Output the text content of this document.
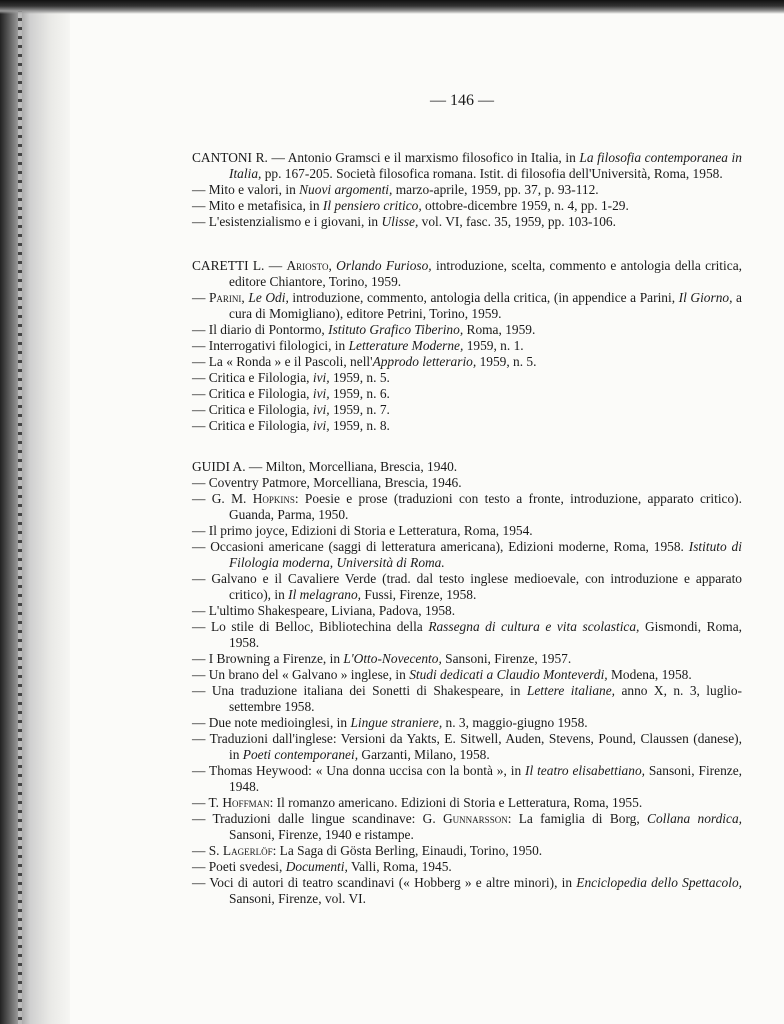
— 146 —
CANTONI R. — Antonio Gramsci e il marxismo filosofico in Italia, in La filosofia contemporanea in Italia, pp. 167-205. Società filosofica romana. Istit. di filosofia dell'Università, Roma, 1958.
— Mito e valori, in Nuovi argomenti, marzo-aprile, 1959, pp. 37, p. 93-112.
— Mito e metafisica, in Il pensiero critico, ottobre-dicembre 1959, n. 4, pp. 1-29.
— L'esistenzialismo e i giovani, in Ulisse, vol. VI, fasc. 35, 1959, pp. 103-106.
CARETTI L. — Ariosto, Orlando Furioso, introduzione, scelta, commento e antologia della critica, editore Chiantore, Torino, 1959.
— Parini, Le Odi, introduzione, commento, antologia della critica, (in appendice a Parini, Il Giorno, a cura di Momigliano), editore Petrini, Torino, 1959.
— Il diario di Pontormo, Istituto Grafico Tiberino, Roma, 1959.
— Interrogativi filologici, in Letterature Moderne, 1959, n. 1.
— La « Ronda » e il Pascoli, nell'Approdo letterario, 1959, n. 5.
— Critica e Filologia, ivi, 1959, n. 5.
— Critica e Filologia, ivi, 1959, n. 6.
— Critica e Filologia, ivi, 1959, n. 7.
— Critica e Filologia, ivi, 1959, n. 8.
GUIDI A. — Milton, Morcelliana, Brescia, 1940.
— Coventry Patmore, Morcelliana, Brescia, 1946.
— G. M. Hopkins: Poesie e prose (traduzioni con testo a fronte, introduzione, apparato critico). Guanda, Parma, 1950.
— Il primo joyce, Edizioni di Storia e Letteratura, Roma, 1954.
— Occasioni americane (saggi di letteratura americana), Edizioni moderne, Roma, 1958. Istituto di Filologia moderna, Università di Roma.
— Galvano e il Cavaliere Verde (trad. dal testo inglese medioevale, con introduzione e apparato critico), in Il melagrano, Fussi, Firenze, 1958.
— L'ultimo Shakespeare, Liviana, Padova, 1958.
— Lo stile di Belloc, Bibliotechina della Rassegna di cultura e vita scolastica, Gismondi, Roma, 1958.
— I Browning a Firenze, in L'Otto-Novecento, Sansoni, Firenze, 1957.
— Un brano del « Galvano » inglese, in Studi dedicati a Claudio Monteverdi, Modena, 1958.
— Una traduzione italiana dei Sonetti di Shakespeare, in Lettere italiane, anno X, n. 3, luglio-settembre 1958.
— Due note medioinglesi, in Lingue straniere, n. 3, maggio-giugno 1958.
— Traduzioni dall'inglese: Versioni da Yakts, E. Sitwell, Auden, Stevens, Pound, Claussen (danese), in Poeti contemporanei, Garzanti, Milano, 1958.
— Thomas Heywood: « Una donna uccisa con la bontà », in Il teatro elisabettiano, Sansoni, Firenze, 1948.
— T. Hoffman: Il romanzo americano. Edizioni di Storia e Letteratura, Roma, 1955.
— Traduzioni dalle lingue scandinave: G. Gunnarsson: La famiglia di Borg, Collana nordica, Sansoni, Firenze, 1940 e ristampe.
— S. Lagerlöf: La Saga di Gösta Berling, Einaudi, Torino, 1950.
— Poeti svedesi, Documenti, Valli, Roma, 1945.
— Voci di autori di teatro scandinavi (« Hobberg » e altre minori), in Enciclopedia dello Spettacolo, Sansoni, Firenze, vol. VI.
